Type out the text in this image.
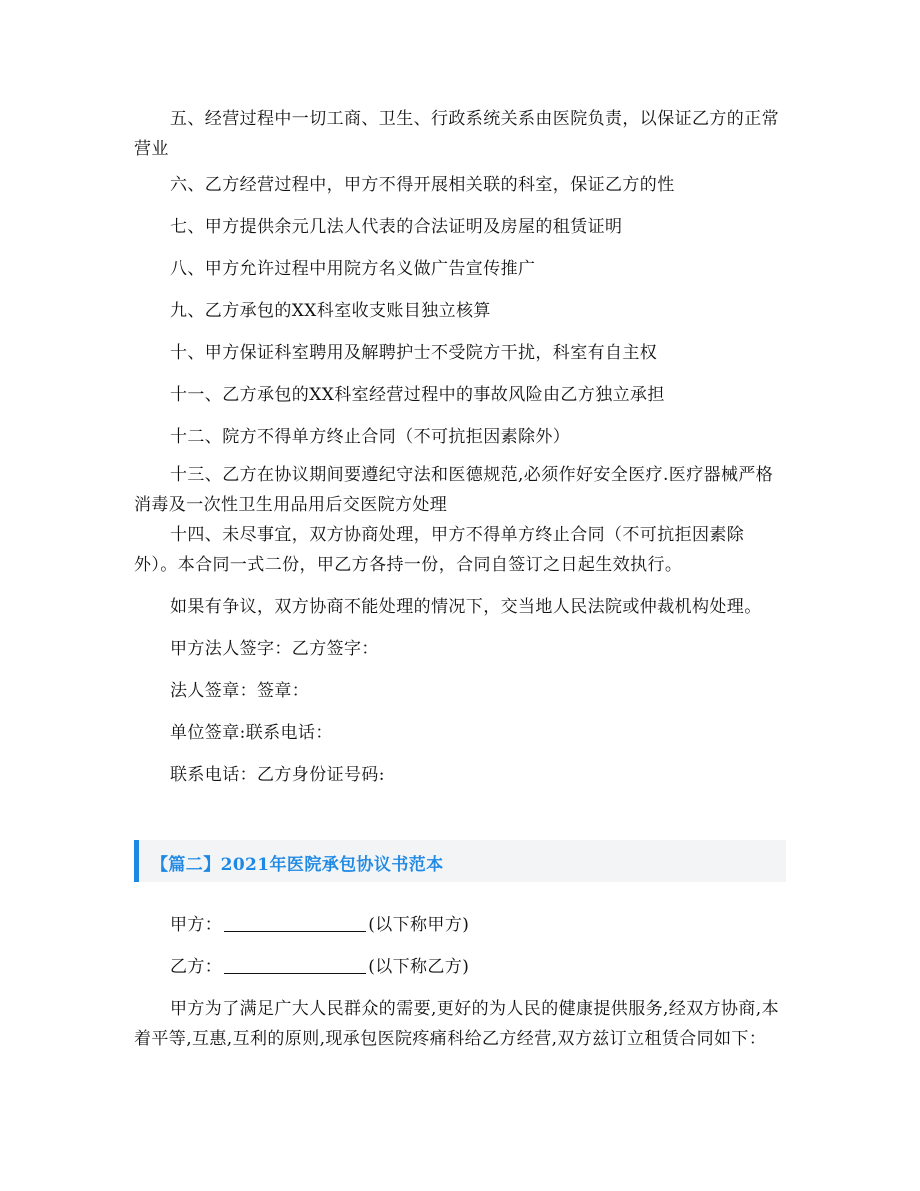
五、经营过程中一切工商、卫生、行政系统关系由医院负责，以保证乙方的正常营业

六、乙方经营过程中，甲方不得开展相关联的科室，保证乙方的性

七、甲方提供余元几法人代表的合法证明及房屋的租赁证明

八、甲方允许过程中用院方名义做广告宣传推广

九、乙方承包的XX科室收支账目独立核算

十、甲方保证科室聘用及解聘护士不受院方干扰，科室有自主权

十一、乙方承包的XX科室经营过程中的事故风险由乙方独立承担

十二、院方不得单方终止合同（不可抗拒因素除外）

十三、乙方在协议期间要遵纪守法和医德规范,必须作好安全医疗.医疗器械严格消毒及一次性卫生用品用后交医院方处理

十四、未尽事宜，双方协商处理，甲方不得单方终止合同（不可抗拒因素除外）。本合同一式二份，甲乙方各持一份，合同自签订之日起生效执行。

如果有争议，双方协商不能处理的情况下，交当地人民法院或仲裁机构处理。

甲方法人签字：乙方签字：

法人签章：签章：

单位签章:联系电话：

联系电话：乙方身份证号码:

【篇二】2021年医院承包协议书范本

甲方：	(以下称甲方)

乙方：	(以下称乙方)

甲方为了满足广大人民群众的需要,更好的为人民的健康提供服务,经双方协商,本着平等,互惠,互利的原则,现承包医院疼痛科给乙方经营,双方兹订立租赁合同如下：
